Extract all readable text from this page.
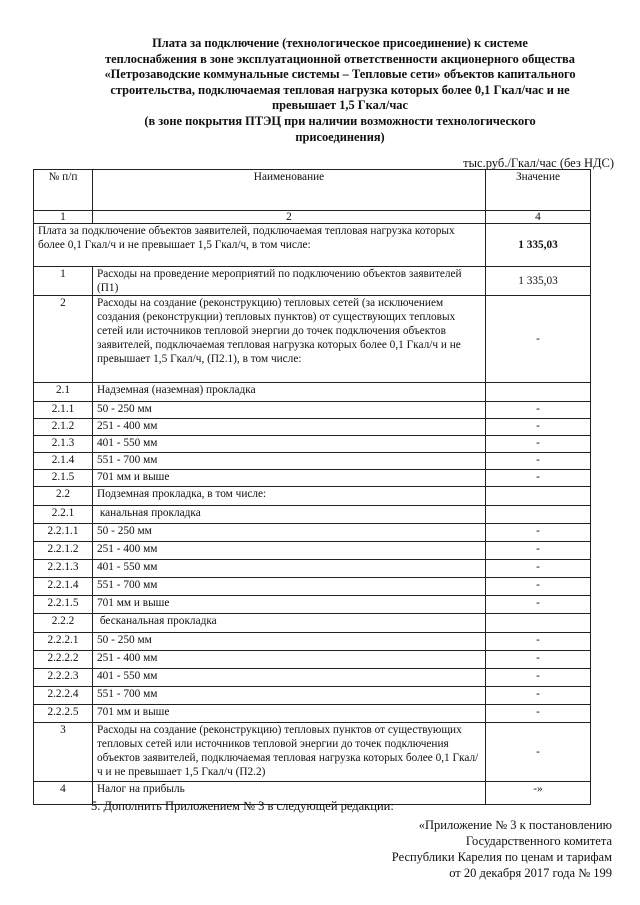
Плата за подключение (технологическое присоединение) к системе
теплоснабжения в зоне эксплуатационной ответственности акционерного общества
«Петрозаводские коммунальные системы – Тепловые сети» объектов капитального
строительства, подключаемая тепловая нагрузка которых более 0,1 Гкал/час и не
превышает 1,5 Гкал/час
(в зоне покрытия ПТЭЦ при наличии возможности технологического
присоединения)
тыс.руб./Гкал/час (без НДС)
№ п/п	Наименование	Значение
1	2	4
Плата за подключение объектов заявителей, подключаемая тепловая нагрузка которых более 0,1 Гкал/ч и не превышает 1,5 Гкал/ч, в том числе:		1 335,03
1	Расходы на проведение мероприятий по подключению объектов заявителей (П1)	1 335,03
2	Расходы на создание (реконструкцию) тепловых сетей (за исключением создания (реконструкции) тепловых пунктов) от существующих тепловых сетей или источников тепловой энергии до точек подключения объектов заявителей, подключаемая тепловая нагрузка которых более 0,1 Гкал/ч и не превышает 1,5 Гкал/ч, (П2.1), в том числе:	-
2.1	Надземная (наземная) прокладка	
2.1.1	50 - 250 мм	-
2.1.2	251 - 400 мм	-
2.1.3	401 - 550 мм	-
2.1.4	551 - 700 мм	-
2.1.5	701 мм и выше	-
2.2	Подземная прокладка, в том числе:	
2.2.1	канальная прокладка	
2.2.1.1	50 - 250 мм	-
2.2.1.2	251 - 400 мм	-
2.2.1.3	401 - 550 мм	-
2.2.1.4	551 - 700 мм	-
2.2.1.5	701 мм и выше	-
2.2.2	бесканальная прокладка	
2.2.2.1	50 - 250 мм	-
2.2.2.2	251 - 400 мм	-
2.2.2.3	401 - 550 мм	-
2.2.2.4	551 - 700 мм	-
2.2.2.5	701 мм и выше	-
3	Расходы на создание (реконструкцию) тепловых пунктов от существующих тепловых сетей или источников тепловой энергии до точек подключения объектов заявителей, подключаемая тепловая нагрузка которых более 0,1 Гкал/ч и не превышает 1,5 Гкал/ч (П2.2)	-
4	Налог на прибыль	-»
5. Дополнить Приложением № 3 в следующей редакции:
«Приложение № 3 к постановлению
Государственного комитета
Республики Карелия по ценам и тарифам
от 20 декабря 2017 года № 199
